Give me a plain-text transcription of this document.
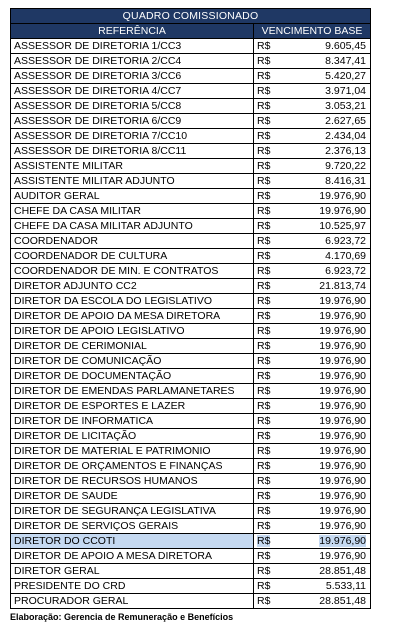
QUADRO COMISSIONADO		
REFERÊNCIA	VENCIMENTO BASE	
ASSESSOR DE DIRETORIA 1/CC3	R$	9.605,45
ASSESSOR DE DIRETORIA 2/CC4	R$	8.347,41
ASSESSOR DE DIRETORIA 3/CC6	R$	5.420,27
ASSESSOR DE DIRETORIA 4/CC7	R$	3.971,04
ASSESSOR DE DIRETORIA 5/CC8	R$	3.053,21
ASSESSOR DE DIRETORIA 6/CC9	R$	2.627,65
ASSESSOR DE DIRETORIA 7/CC10	R$	2.434,04
ASSESSOR DE DIRETORIA 8/CC11	R$	2.376,13
ASSISTENTE MILITAR	R$	9.720,22
ASSISTENTE MILITAR ADJUNTO	R$	8.416,31
AUDITOR GERAL	R$	19.976,90
CHEFE DA CASA MILITAR	R$	19.976,90
CHEFE DA CASA MILITAR ADJUNTO	R$	10.525,97
COORDENADOR	R$	6.923,72
COORDENADOR DE CULTURA	R$	4.170,69
COORDENADOR DE MIN. E CONTRATOS	R$	6.923,72
DIRETOR ADJUNTO CC2	R$	21.813,74
DIRETOR DA ESCOLA DO LEGISLATIVO	R$	19.976,90
DIRETOR DE APOIO DA MESA DIRETORA	R$	19.976,90
DIRETOR DE APOIO LEGISLATIVO	R$	19.976,90
DIRETOR DE CERIMONIAL	R$	19.976,90
DIRETOR DE COMUNICAÇÃO	R$	19.976,90
DIRETOR DE DOCUMENTAÇÃO	R$	19.976,90
DIRETOR DE EMENDAS PARLAMANETARES	R$	19.976,90
DIRETOR DE ESPORTES E LAZER	R$	19.976,90
DIRETOR DE INFORMATICA	R$	19.976,90
DIRETOR DE LICITAÇÃO	R$	19.976,90
DIRETOR DE MATERIAL E PATRIMONIO	R$	19.976,90
DIRETOR DE ORÇAMENTOS E FINANÇAS	R$	19.976,90
DIRETOR DE RECURSOS HUMANOS	R$	19.976,90
DIRETOR DE SAUDE	R$	19.976,90
DIRETOR DE SEGURANÇA LEGISLATIVA	R$	19.976,90
DIRETOR DE SERVIÇOS GERAIS	R$	19.976,90
DIRETOR DO CCOTI	R$	19.976,90
DIRETOR DE APOIO A MESA DIRETORA	R$	19.976,90
DIRETOR GERAL	R$	28.851,48
PRESIDENTE DO CRD	R$	5.533,11
PROCURADOR GERAL	R$	28.851,48
Elaboração: Gerencia de Remuneração e Benefícios
